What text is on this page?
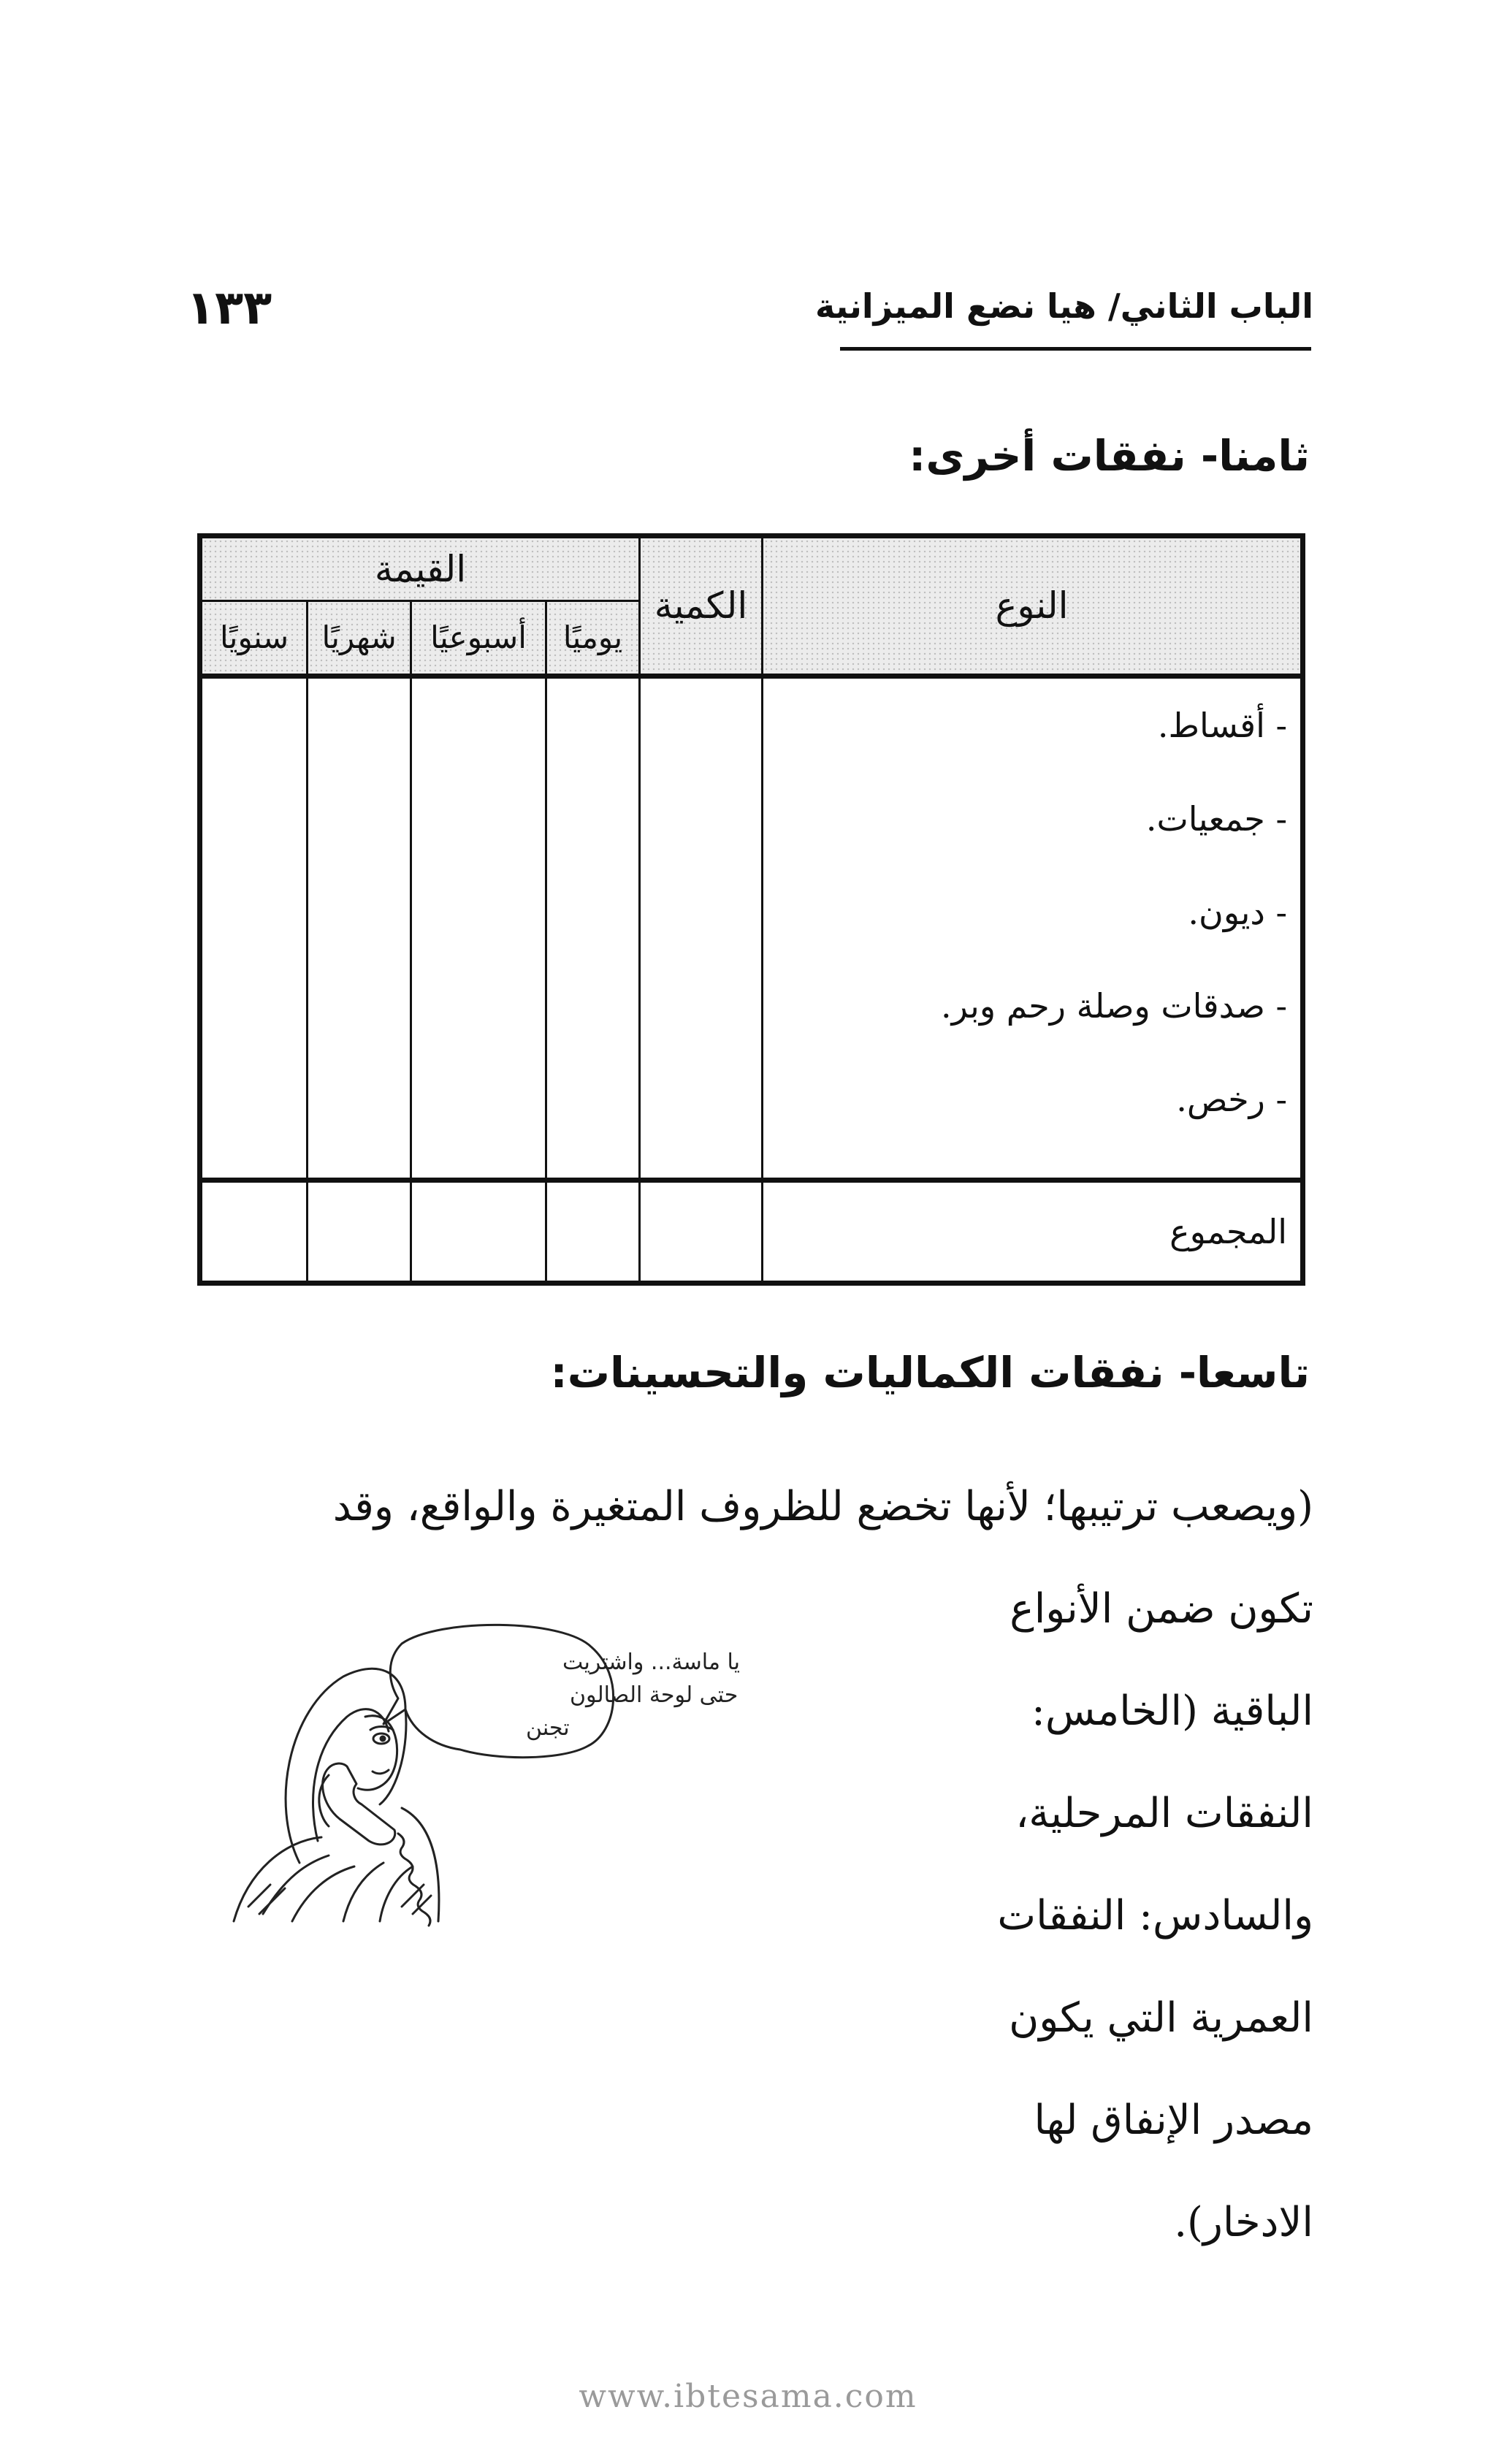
١٣٣	الباب الثاني/ هيا نضع الميزانية
ثامنا- نفقات أخرى:
النوع	الكمية	القيمة			
		يوميًا	أسبوعيًا	شهريًا	سنويًا

- أقساط.
- جمعيات.
- ديون.
- صدقات وصلة رحم وبر.
- رخص.					

المجموع					
تاسعا- نفقات الكماليات والتحسينات:
(ويصعب ترتيبها؛ لأنها تخضع للظروف المتغيرة والواقع، وقد
تكون ضمن الأنواع
الباقية (الخامس:
النفقات المرحلية،
والسادس: النفقات
العمرية التي يكون
مصدر الإنفاق لها
الادخار).
يا ماسة... واشتريت
حتى لوحة الصالون
تجنن
www.ibtesama.com
